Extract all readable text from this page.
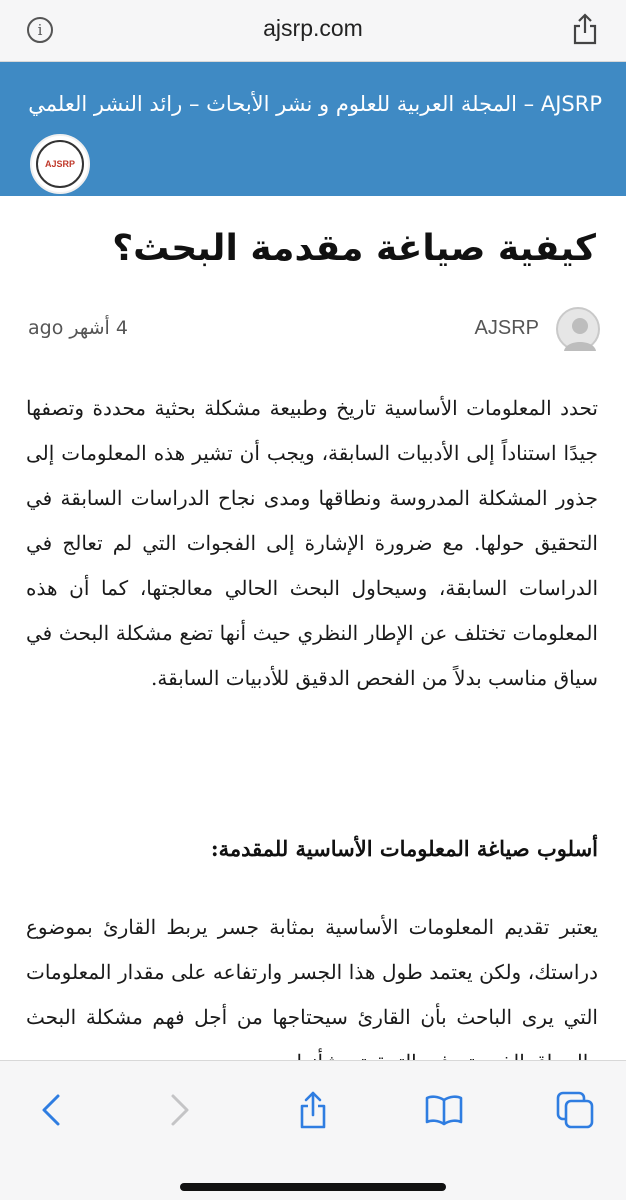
i	ajsrp.com
AJSRP – المجلة العربية للعلوم و نشر الأبحاث – رائد النشر العلمي
AJSRP
كيفية صياغة مقدمة البحث؟
AJSRP
4 أشهر ago

تحدد المعلومات الأساسية تاريخ وطبيعة مشكلة بحثية محددة وتصفها جيدًا استناداً إلى الأدبيات السابقة، ويجب أن تشير هذه المعلومات إلى جذور المشكلة المدروسة ونطاقها ومدى نجاح الدراسات السابقة في التحقيق حولها. مع ضرورة الإشارة إلى الفجوات التي لم تعالج في الدراسات السابقة، وسيحاول البحث الحالي معالجتها، كما أن هذه المعلومات تختلف عن الإطار النظري حيث أنها تضع مشكلة البحث في سياق مناسب بدلاً من الفحص الدقيق للأدبيات السابقة.

أسلوب صياغة المعلومات الأساسية للمقدمة:

يعتبر تقديم المعلومات الأساسية بمثابة جسر يربط القارئ بموضوع دراستك، ولكن يعتمد طول هذا الجسر وارتفاعه على مقدار المعلومات التي يرى الباحث بأن القارئ سيحتاجها من أجل فهم مشكلة البحث
